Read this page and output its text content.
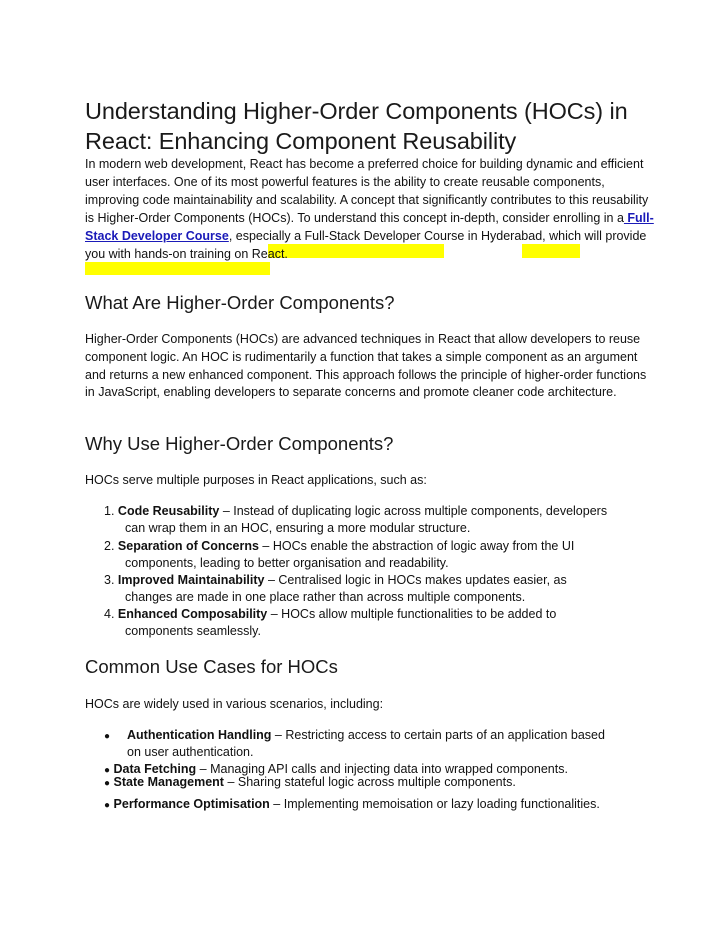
Understanding Higher-Order Components (HOCs) in
React: Enhancing Component Reusability

In modern web development, React has become a preferred choice for building dynamic and efficient user interfaces. One of its most powerful features is the ability to create reusable components, improving code maintainability and scalability. A concept that significantly contributes to this reusability is Higher-Order Components (HOCs). To understand this concept in-depth, consider enrolling in a Full-Stack Developer Course, especially a Full-Stack Developer Course in Hyderabad, which will provide you with hands-on training on React.

What Are Higher-Order Components?

Higher-Order Components (HOCs) are advanced techniques in React that allow developers to reuse component logic. An HOC is rudimentarily a function that takes a simple component as an argument and returns a new enhanced component. This approach follows the principle of higher-order functions in JavaScript, enabling developers to separate concerns and promote cleaner code architecture.

Why Use Higher-Order Components?

HOCs serve multiple purposes in React applications, such as:

1. Code Reusability – Instead of duplicating logic across multiple components, developers
can wrap them in an HOC, ensuring a more modular structure.
2. Separation of Concerns – HOCs enable the abstraction of logic away from the UI
components, leading to better organisation and readability.
3. Improved Maintainability – Centralised logic in HOCs makes updates easier, as
changes are made in one place rather than across multiple components.
4. Enhanced Composability – HOCs allow multiple functionalities to be added to
components seamlessly.
Common Use Cases for HOCs

HOCs are widely used in various scenarios, including:

● Authentication Handling – Restricting access to certain parts of an application based
on user authentication.
● Data Fetching – Managing API calls and injecting data into wrapped components.
● State Management – Sharing stateful logic across multiple components.
● Performance Optimisation – Implementing memoisation or lazy loading functionalities.
